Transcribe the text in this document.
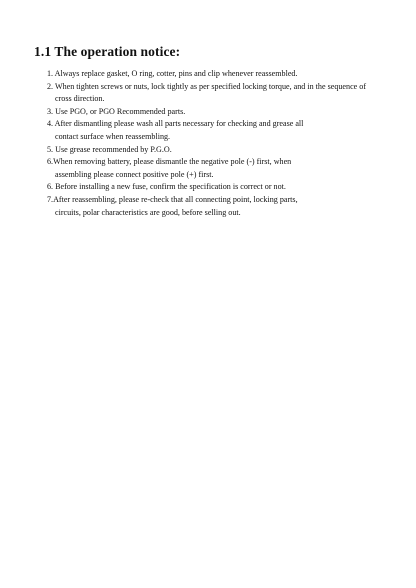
1.1 The operation notice:
1. Always replace gasket, O ring, cotter, pins and clip whenever reassembled.
2. When tighten screws or nuts, lock tightly as per specified locking torque, and in the sequence of
cross direction.
3. Use PGO, or PGO Recommended parts.
4. After dismantling please wash all parts necessary for checking and grease all
contact surface when reassembling.
5. Use grease recommended by P.G.O.
6.When removing battery, please dismantle the negative pole (-) first, when
assembling please connect positive pole (+) first.
6. Before installing a new fuse, confirm the specification is correct or not.
7.After reassembling, please re-check that all connecting point, locking parts,
circuits, polar characteristics are good, before selling out.
